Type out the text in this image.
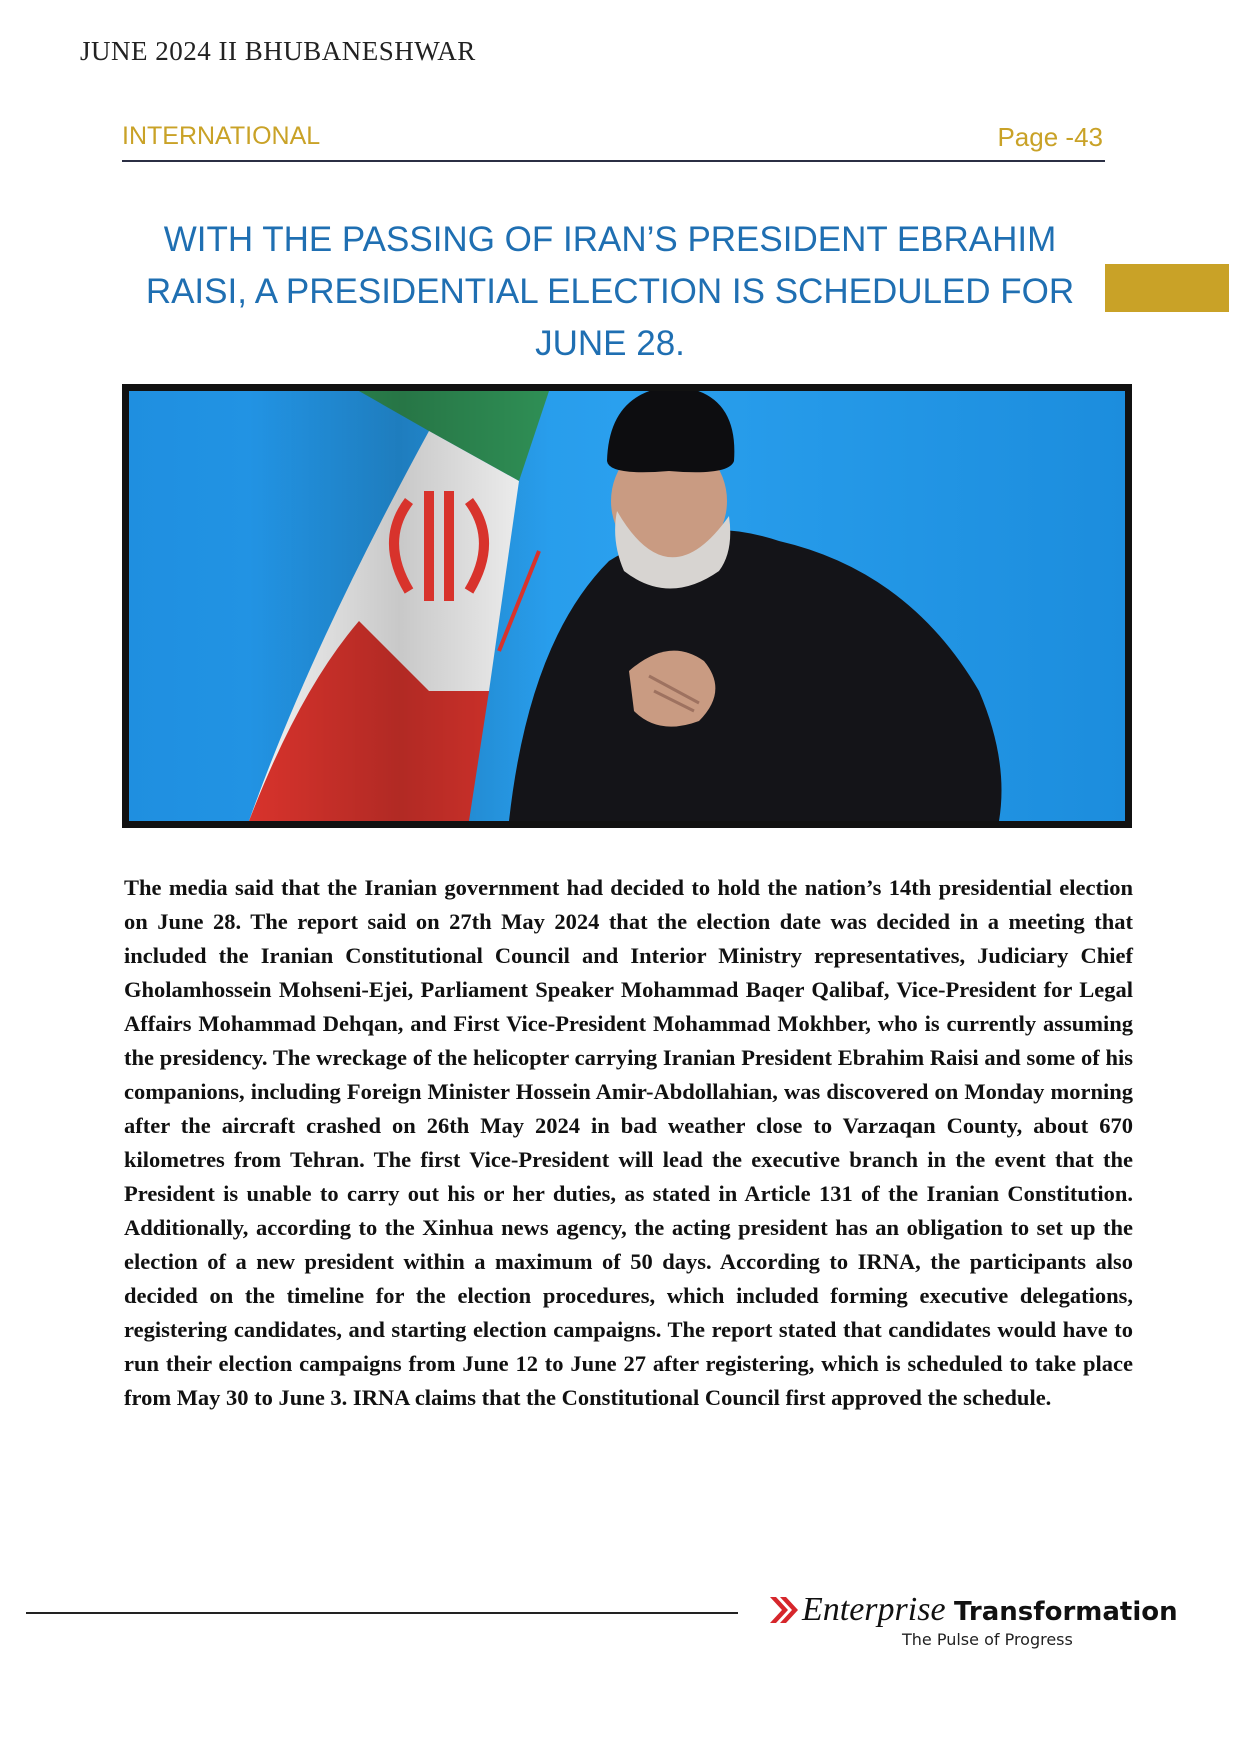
JUNE 2024 II BHUBANESHWAR
INTERNATIONAL	Page -43
WITH THE PASSING OF IRAN’S PRESIDENT EBRAHIM RAISI, A PRESIDENTIAL ELECTION IS SCHEDULED FOR JUNE 28.

The media said that the Iranian government had decided to hold the nation’s 14th presidential election on June 28. The report said on 27th May 2024 that the election date was decided in a meeting that included the Iranian Constitutional Council and Interior Ministry representatives, Judiciary Chief Gholamhossein Mohseni-Ejei, Parliament Speaker Mohammad Baqer Qalibaf, Vice-President for Legal Affairs Mohammad Dehqan, and First Vice-President Mohammad Mokhber, who is currently assuming the presidency. The wreckage of the helicopter carrying Iranian President Ebrahim Raisi and some of his companions, including Foreign Minister Hossein Amir-Abdollahian, was discovered on Monday morning after the aircraft crashed on 26th May 2024 in bad weather close to Varzaqan County, about 670 kilometres from Tehran. The first Vice-President will lead the executive branch in the event that the President is unable to carry out his or her duties, as stated in Article 131 of the Iranian Constitution. Additionally, according to the Xinhua news agency, the acting president has an obligation to set up the election of a new president within a maximum of 50 days. According to IRNA, the participants also decided on the timeline for the election procedures, which included forming executive delegations, registering candidates, and starting election campaigns. The report stated that candidates would have to run their election campaigns from June 12 to June 27 after registering, which is scheduled to take place from May 30 to June 3. IRNA claims that the Constitutional Council first approved the schedule.

Enterprise Transformation
The Pulse of Progress
